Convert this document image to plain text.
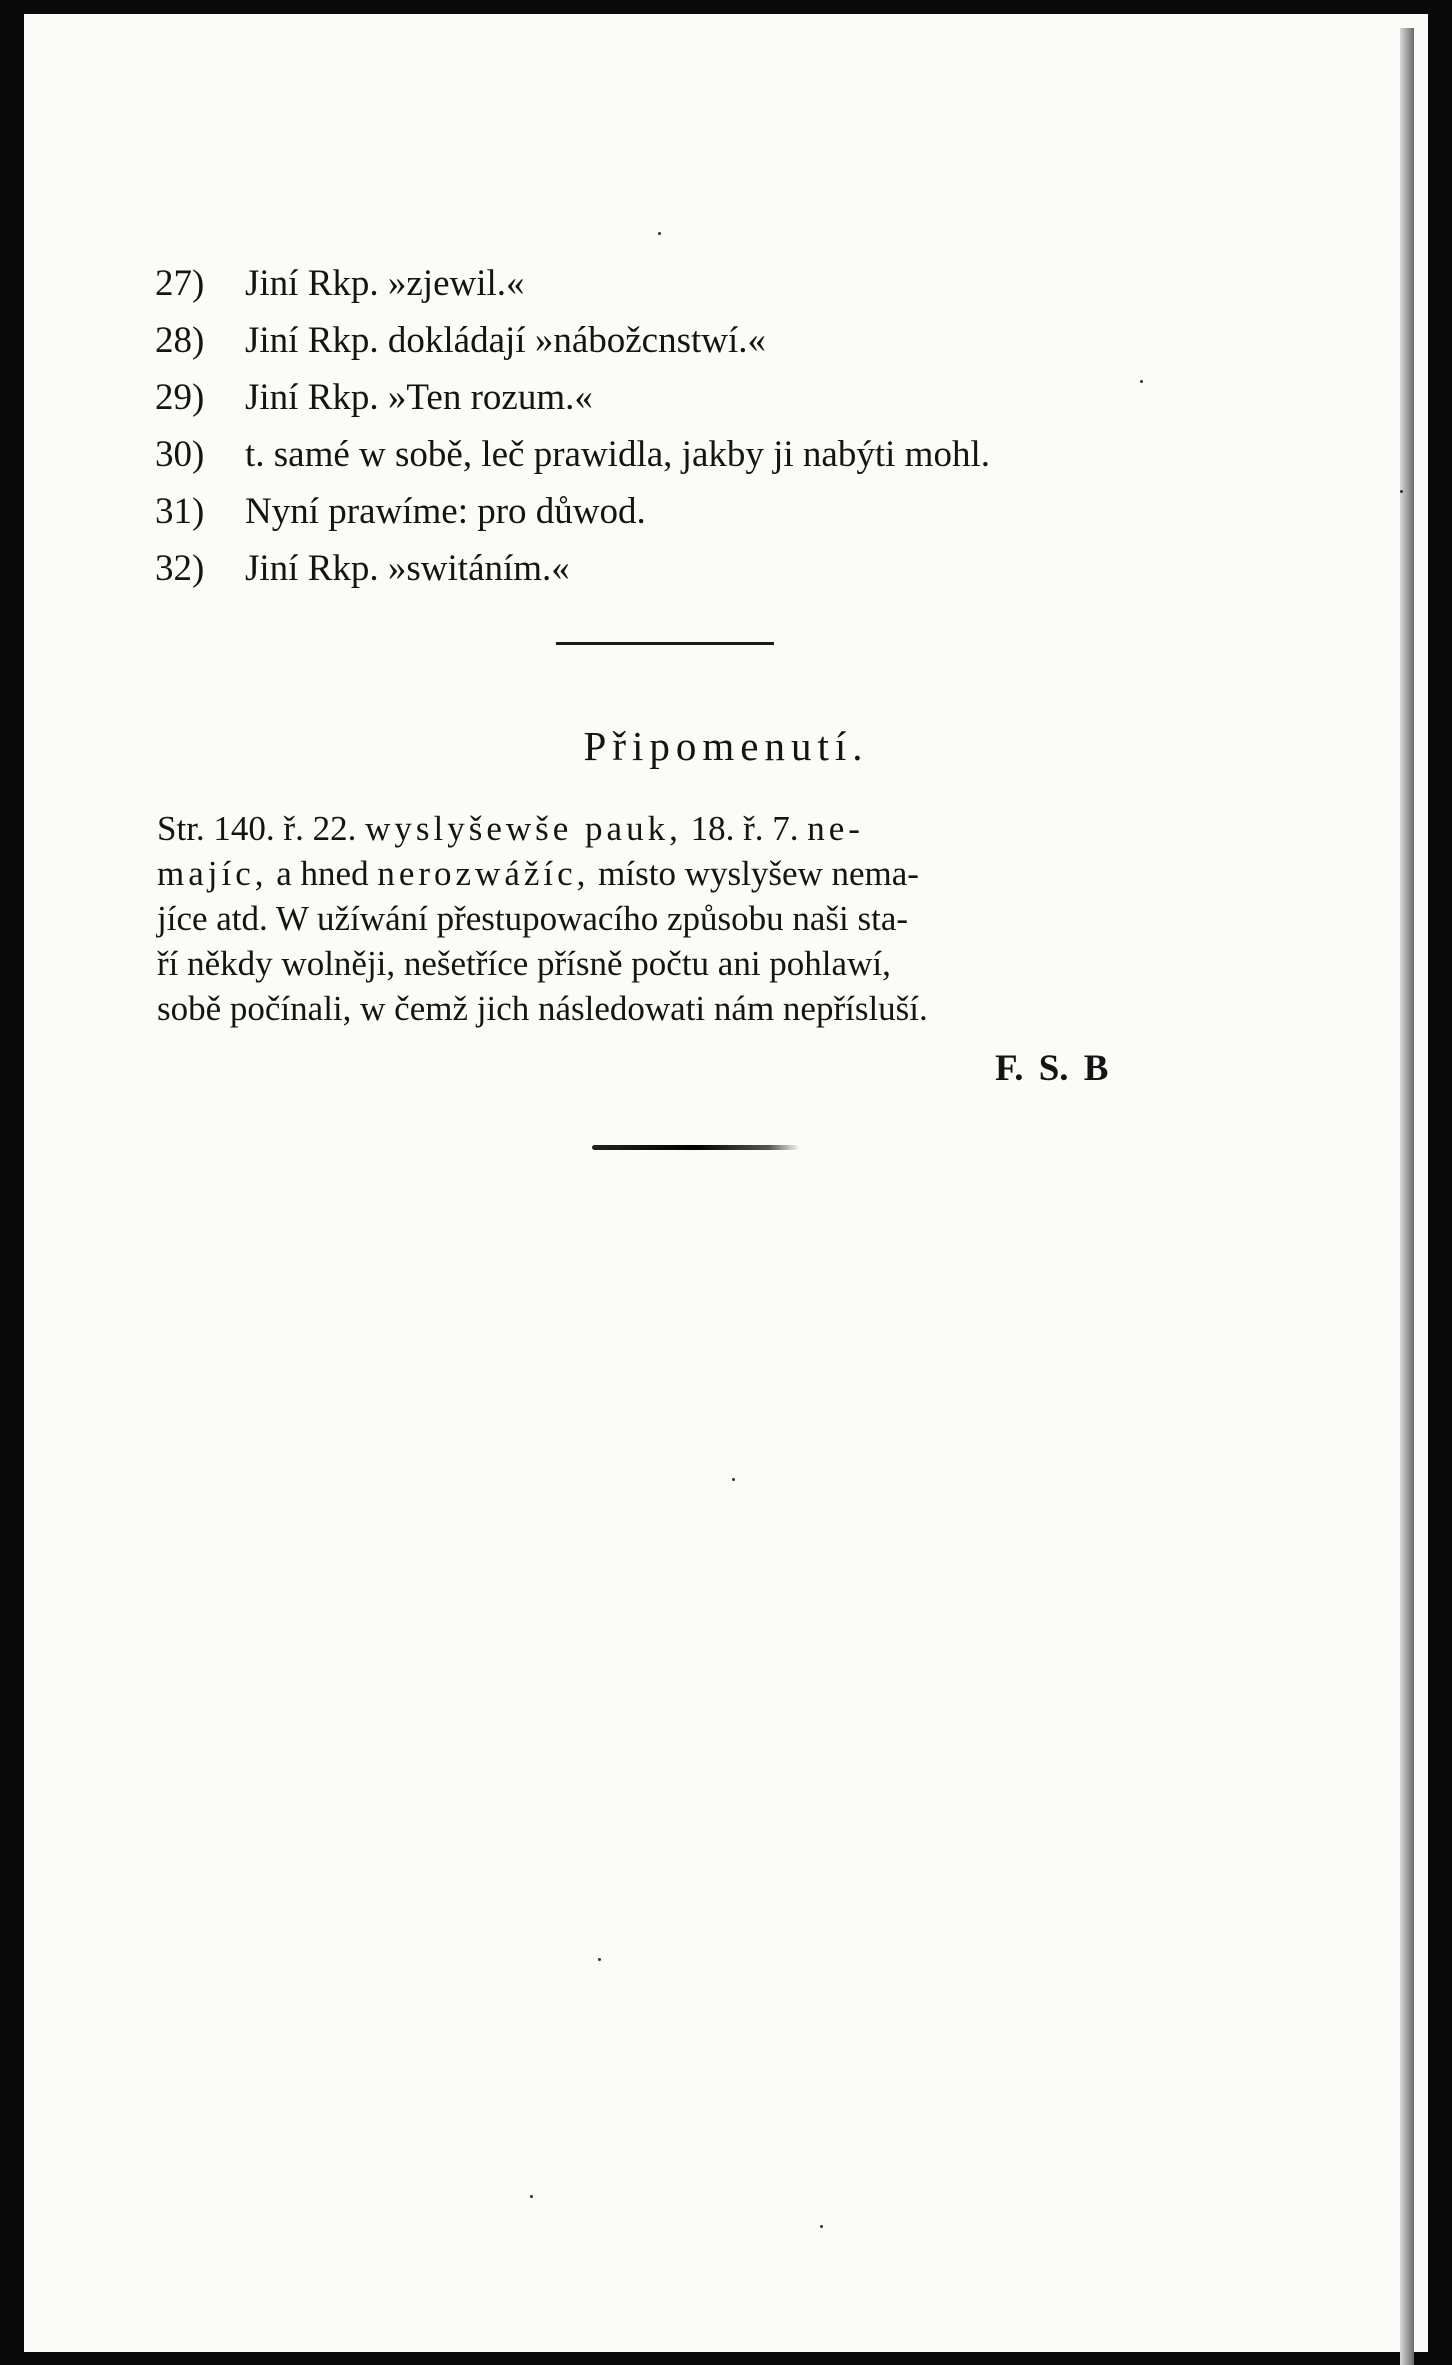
27) Jiní Rkp. »zjewil.«
28) Jiní Rkp. dokládají »nábožcnstwí.«
29) Jiní Rkp. »Ten rozum.«
30) t. samé w sobě, leč prawidla, jakby ji nabýti mohl.
31) Nyní prawíme: pro důwod.
32) Jiní Rkp. »switáním.«
Připomenutí.
Str. 140. ř. 22. wyslyšewše pauk, 18. ř. 7. ne-
majíc, a hned nerozwážíc, místo wyslyšew nema-
jíce atd. W užíwání přestupowacího způsobu naši sta-
ří někdy wolněji, nešetříce přísně počtu ani pohlawí,
sobě počínali, w čemž jich následowati nám nepřísluší.
F. S. B
